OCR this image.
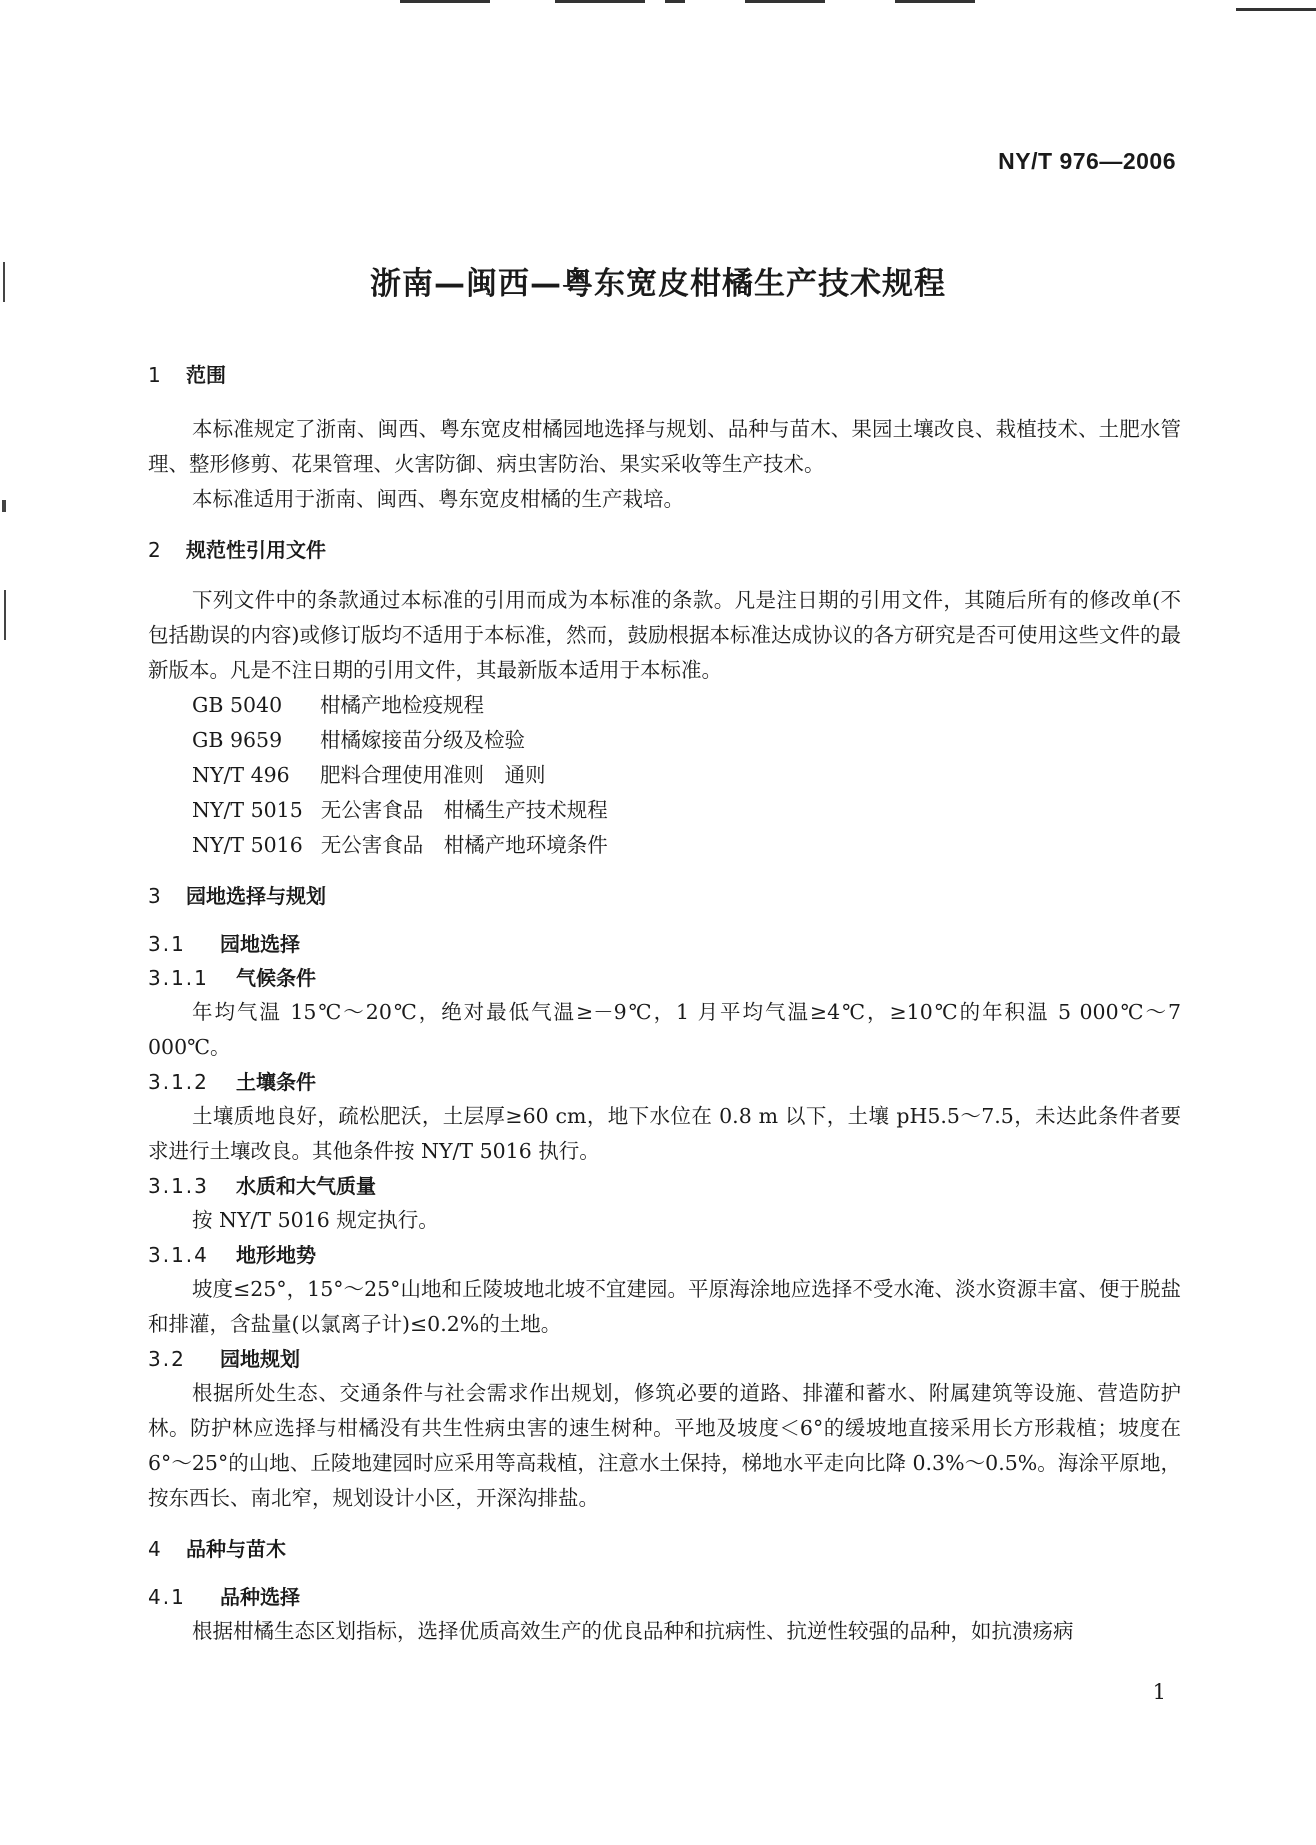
NY/T 976—2006
浙南—闽西—粤东宽皮柑橘生产技术规程
1 范围

本标准规定了浙南、闽西、粤东宽皮柑橘园地选择与规划、品种与苗木、果园土壤改良、栽植技术、土肥水管理、整形修剪、花果管理、火害防御、病虫害防治、果实采收等生产技术。

本标准适用于浙南、闽西、粤东宽皮柑橘的生产栽培。

2 规范性引用文件

下列文件中的条款通过本标准的引用而成为本标准的条款。凡是注日期的引用文件，其随后所有的修改单(不包括勘误的内容)或修订版均不适用于本标准，然而，鼓励根据本标准达成协议的各方研究是否可使用这些文件的最新版本。凡是不注日期的引用文件，其最新版本适用于本标准。

GB 5040 柑橘产地检疫规程
GB 9659 柑橘嫁接苗分级及检验
NY/T 496 肥料合理使用准则　通则
NY/T 5015 无公害食品　柑橘生产技术规程
NY/T 5016 无公害食品　柑橘产地环境条件
3 园地选择与规划
3.1 园地选择
3.1.1 气候条件

年均气温 15℃～20℃，绝对最低气温≥－9℃，1 月平均气温≥4℃，≥10℃的年积温 5 000℃～7 000℃。

3.1.2 土壤条件

土壤质地良好，疏松肥沃，土层厚≥60 cm，地下水位在 0.8 m 以下，土壤 pH5.5～7.5，未达此条件者要求进行土壤改良。其他条件按 NY/T 5016 执行。

3.1.3 水质和大气质量

按 NY/T 5016 规定执行。

3.1.4 地形地势

坡度≤25°，15°～25°山地和丘陵坡地北坡不宜建园。平原海涂地应选择不受水淹、淡水资源丰富、便于脱盐和排灌，含盐量(以氯离子计)≤0.2%的土地。

3.2 园地规划

根据所处生态、交通条件与社会需求作出规划，修筑必要的道路、排灌和蓄水、附属建筑等设施、营造防护林。防护林应选择与柑橘没有共生性病虫害的速生树种。平地及坡度＜6°的缓坡地直接采用长方形栽植；坡度在 6°～25°的山地、丘陵地建园时应采用等高栽植，注意水土保持，梯地水平走向比降 0.3%～0.5%。海涂平原地，按东西长、南北窄，规划设计小区，开深沟排盐。

4 品种与苗木
4.1 品种选择

根据柑橘生态区划指标，选择优质高效生产的优良品种和抗病性、抗逆性较强的品种，如抗溃疡病

1
